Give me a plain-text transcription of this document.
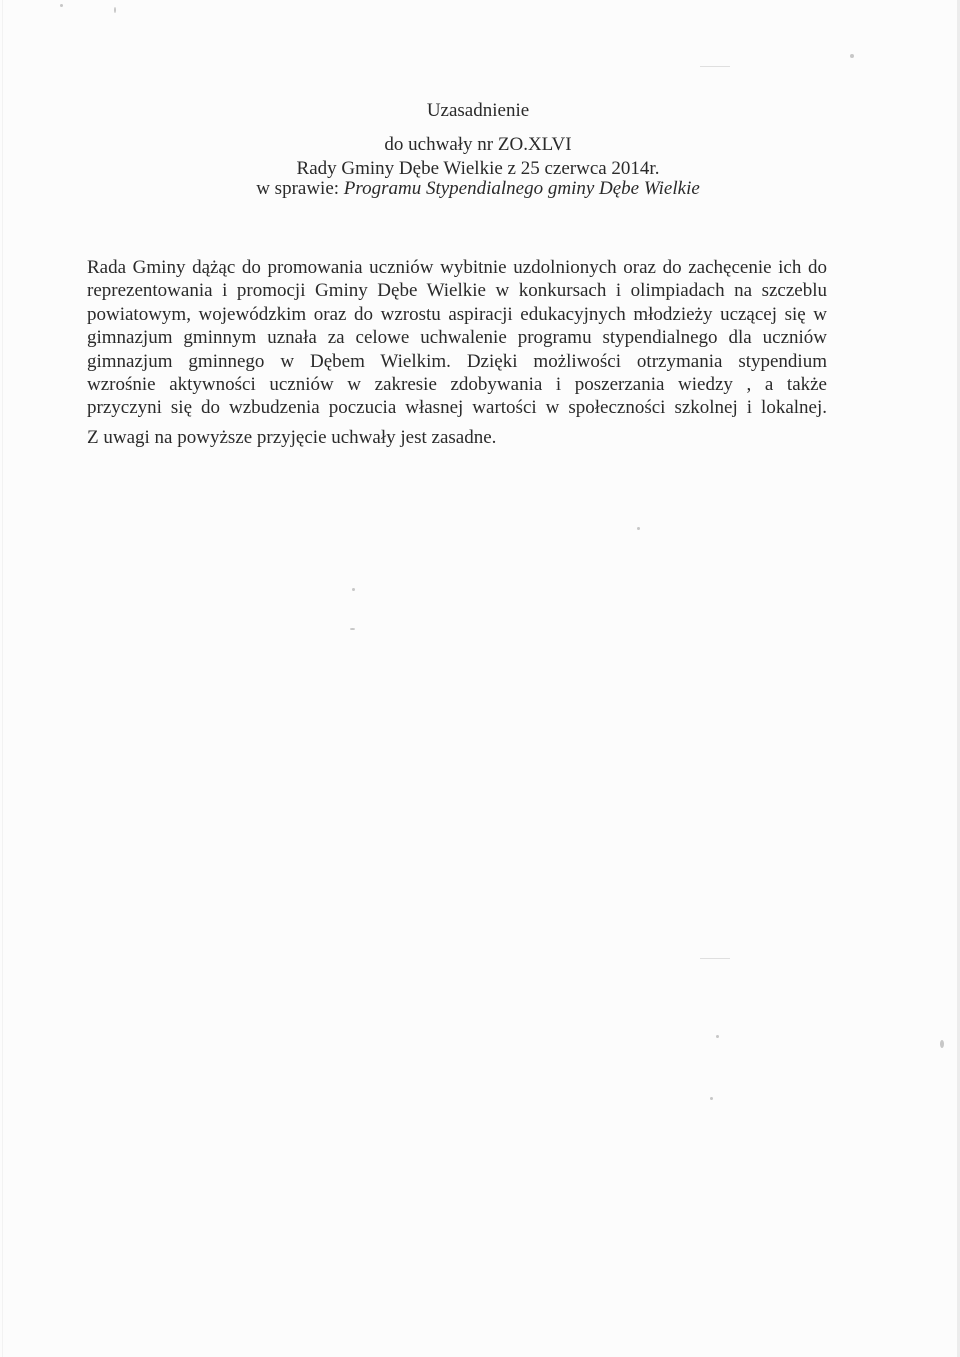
Uzasadnienie
do uchwały nr ZO.XLVI
Rady Gminy Dębe Wielkie z 25 czerwca 2014r.
w sprawie: Programu Stypendialnego gminy Dębe Wielkie
Rada Gminy dążąc do promowania uczniów wybitnie uzdolnionych oraz do zachęcenie ich do
reprezentowania i promocji Gminy Dębe Wielkie w konkursach i olimpiadach na szczeblu
powiatowym, wojewódzkim oraz do wzrostu aspiracji edukacyjnych młodzieży uczącej się w
gimnazjum gminnym uznała za celowe uchwalenie programu stypendialnego dla uczniów
gimnazjum gminnego w Dębem Wielkim. Dzięki możliwości otrzymania stypendium
wzrośnie aktywności uczniów w zakresie zdobywania i poszerzania wiedzy , a także
przyczyni się do wzbudzenia poczucia własnej wartości w społeczności szkolnej i lokalnej.
Z uwagi na powyższe przyjęcie uchwały jest zasadne.
